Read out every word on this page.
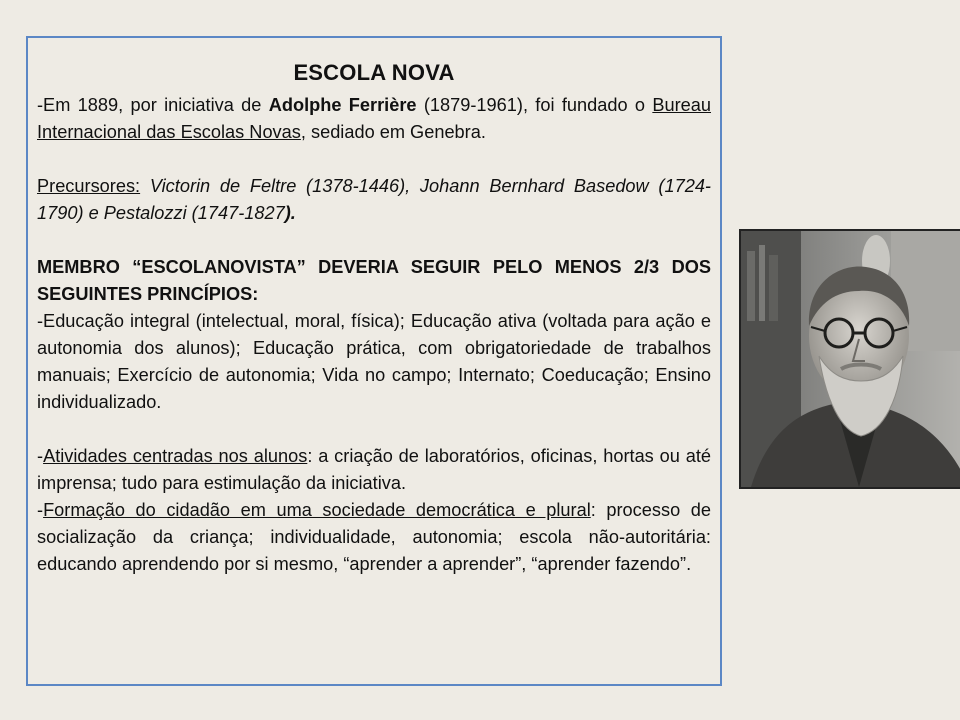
ESCOLA NOVA

-Em 1889, por iniciativa de Adolphe Ferrière (1879-1961), foi fundado o Bureau Internacional das Escolas Novas, sediado em Genebra.

Precursores: Victorin de Feltre (1378-1446), Johann Bernhard Basedow (1724-1790) e Pestalozzi (1747-1827).

MEMBRO “ESCOLANOVISTA” DEVERIA SEGUIR PELO MENOS 2/3 DOS SEGUINTES PRINCÍPIOS:

-Educação integral (intelectual, moral, física); Educação ativa (voltada para ação e autonomia dos alunos); Educação prática, com obrigatoriedade de trabalhos manuais; Exercício de autonomia; Vida no campo; Internato; Coeducação; Ensino individualizado.

-Atividades centradas nos alunos: a criação de laboratórios, oficinas, hortas ou até imprensa; tudo para estimulação da iniciativa.

-Formação do cidadão em uma sociedade democrática e plural: processo de socialização da criança; individualidade, autonomia; escola não-autoritária: educando aprendendo por si mesmo, “aprender a aprender”, “aprender fazendo”.
